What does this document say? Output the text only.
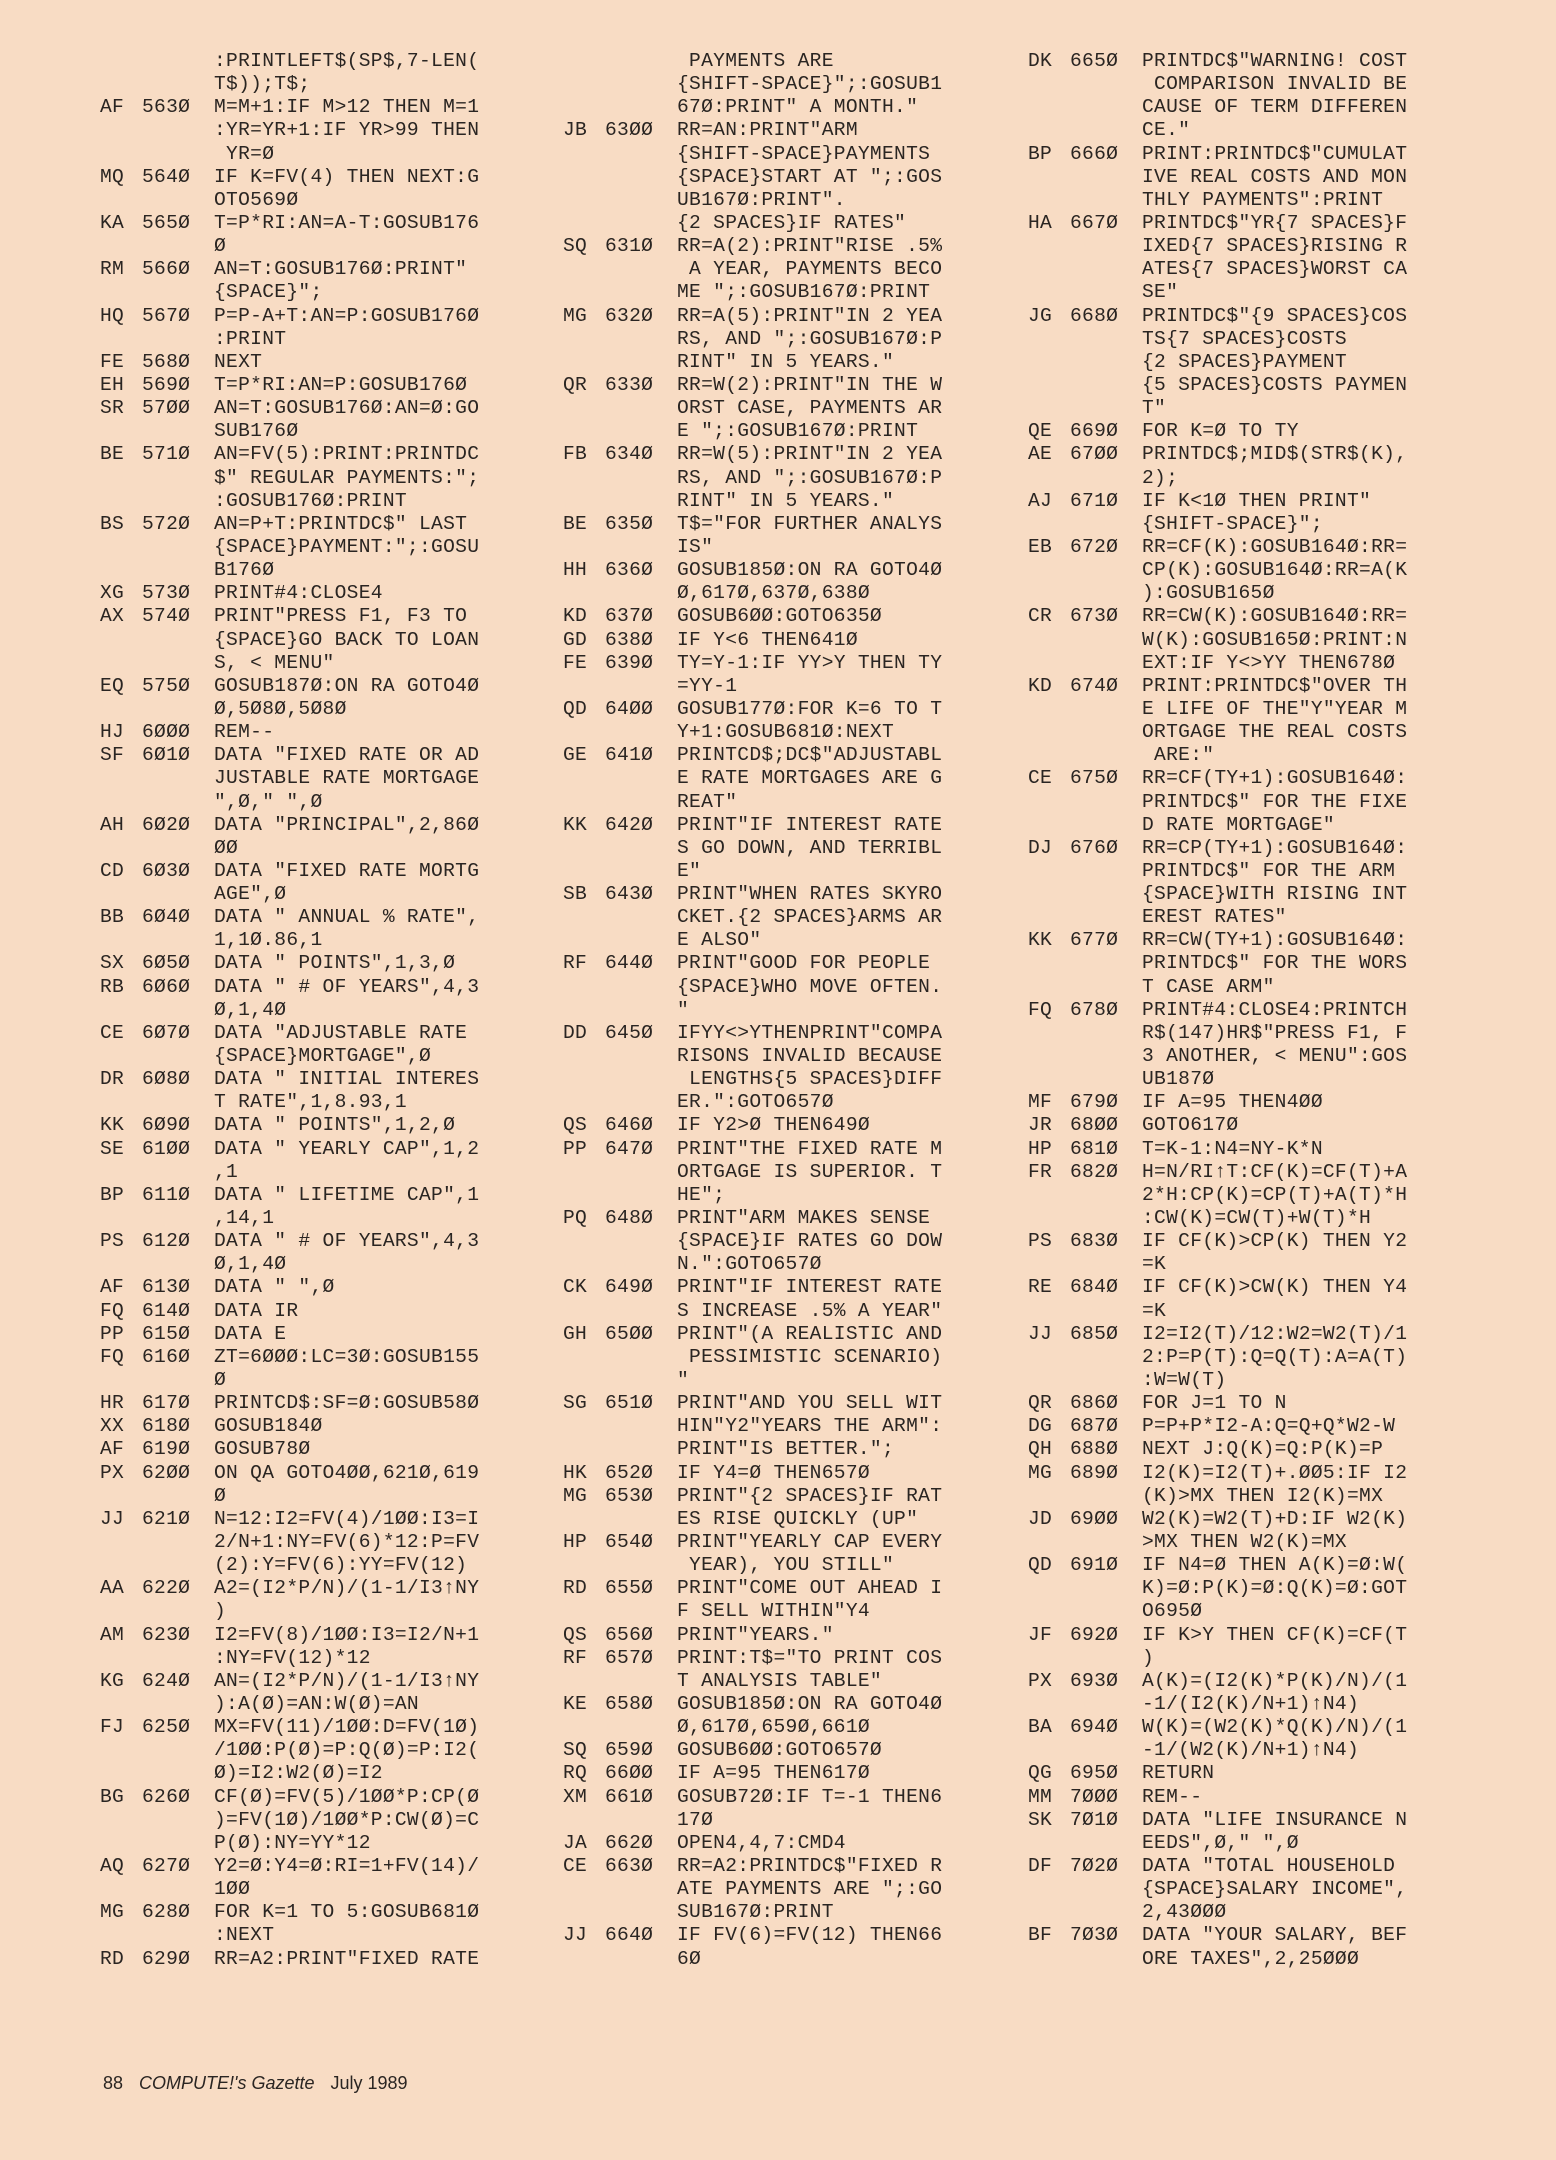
:PRINTLEFT$(SP$,7-LEN(
T$));T$;
AF 563Ø	M=M+1:IF M>12 THEN M=1
:YR=YR+1:IF YR>99 THEN
YR=Ø
MQ 564Ø	IF K=FV(4) THEN NEXT:G
OTO569Ø
KA 565Ø	T=P*RI:AN=A-T:GOSUB176
Ø
RM 566Ø	AN=T:GOSUB176Ø:PRINT"
{SPACE}";
HQ 567Ø	P=P-A+T:AN=P:GOSUB176Ø
:PRINT
FE 568Ø	NEXT
EH 569Ø	T=P*RI:AN=P:GOSUB176Ø
SR 57ØØ	AN=T:GOSUB176Ø:AN=Ø:GO
SUB176Ø
BE 571Ø	AN=FV(5):PRINT:PRINTDC
$" REGULAR PAYMENTS:";
:GOSUB176Ø:PRINT
BS 572Ø	AN=P+T:PRINTDC$" LAST
{SPACE}PAYMENT:";:GOSU
B176Ø
XG 573Ø	PRINT#4:CLOSE4
AX 574Ø	PRINT"PRESS F1, F3 TO
{SPACE}GO BACK TO LOAN
S, < MENU"
EQ 575Ø	GOSUB187Ø:ON RA GOTO4Ø
Ø,5Ø8Ø,5Ø8Ø
HJ 6ØØØ	REM--
SF 6Ø1Ø	DATA "FIXED RATE OR AD
JUSTABLE RATE MORTGAGE
",Ø," ",Ø
AH 6Ø2Ø	DATA "PRINCIPAL",2,86Ø
ØØ
CD 6Ø3Ø	DATA "FIXED RATE MORTG
AGE",Ø
BB 6Ø4Ø	DATA " ANNUAL % RATE",
1,1Ø.86,1
SX 6Ø5Ø	DATA " POINTS",1,3,Ø
RB 6Ø6Ø	DATA " # OF YEARS",4,3
Ø,1,4Ø
CE 6Ø7Ø	DATA "ADJUSTABLE RATE
{SPACE}MORTGAGE",Ø
DR 6Ø8Ø	DATA " INITIAL INTERES
T RATE",1,8.93,1
KK 6Ø9Ø	DATA " POINTS",1,2,Ø
SE 61ØØ	DATA " YEARLY CAP",1,2
,1
BP 611Ø	DATA " LIFETIME CAP",1
,14,1
PS 612Ø	DATA " # OF YEARS",4,3
Ø,1,4Ø
AF 613Ø	DATA " ",Ø
FQ 614Ø	DATA IR
PP 615Ø	DATA E
FQ 616Ø	ZT=6ØØØ:LC=3Ø:GOSUB155
Ø
HR 617Ø	PRINTCD$:SF=Ø:GOSUB58Ø
XX 618Ø	GOSUB184Ø
AF 619Ø	GOSUB78Ø
PX 62ØØ	ON QA GOTO4ØØ,621Ø,619
Ø
JJ 621Ø	N=12:I2=FV(4)/1ØØ:I3=I
2/N+1:NY=FV(6)*12:P=FV
(2):Y=FV(6):YY=FV(12)
AA 622Ø	A2=(I2*P/N)/(1-1/I3↑NY
)
AM 623Ø	I2=FV(8)/1ØØ:I3=I2/N+1
:NY=FV(12)*12
KG 624Ø	AN=(I2*P/N)/(1-1/I3↑NY
):A(Ø)=AN:W(Ø)=AN
FJ 625Ø	MX=FV(11)/1ØØ:D=FV(1Ø)
/1ØØ:P(Ø)=P:Q(Ø)=P:I2(
Ø)=I2:W2(Ø)=I2
BG 626Ø	CF(Ø)=FV(5)/1ØØ*P:CP(Ø
)=FV(1Ø)/1ØØ*P:CW(Ø)=C
P(Ø):NY=YY*12
AQ 627Ø	Y2=Ø:Y4=Ø:RI=1+FV(14)/
1ØØ
MG 628Ø	FOR K=1 TO 5:GOSUB681Ø
:NEXT
RD 629Ø	RR=A2:PRINT"FIXED RATE
PAYMENTS ARE
{SHIFT-SPACE}";:GOSUB1
67Ø:PRINT" A MONTH."
JB 63ØØ	RR=AN:PRINT"ARM
{SHIFT-SPACE}PAYMENTS
{SPACE}START AT ";:GOS
UB167Ø:PRINT".
{2 SPACES}IF RATES"
SQ 631Ø	RR=A(2):PRINT"RISE .5%
A YEAR, PAYMENTS BECO
ME ";:GOSUB167Ø:PRINT
MG 632Ø	RR=A(5):PRINT"IN 2 YEA
RS, AND ";:GOSUB167Ø:P
RINT" IN 5 YEARS."
QR 633Ø	RR=W(2):PRINT"IN THE W
ORST CASE, PAYMENTS AR
E ";:GOSUB167Ø:PRINT
FB 634Ø	RR=W(5):PRINT"IN 2 YEA
RS, AND ";:GOSUB167Ø:P
RINT" IN 5 YEARS."
BE 635Ø	T$="FOR FURTHER ANALYS
IS"
HH 636Ø	GOSUB185Ø:ON RA GOTO4Ø
Ø,617Ø,637Ø,638Ø
KD 637Ø	GOSUB6ØØ:GOTO635Ø
GD 638Ø	IF Y<6 THEN641Ø
FE 639Ø	TY=Y-1:IF YY>Y THEN TY
=YY-1
QD 64ØØ	GOSUB177Ø:FOR K=6 TO T
Y+1:GOSUB681Ø:NEXT
GE 641Ø	PRINTCD$;DC$"ADJUSTABL
E RATE MORTGAGES ARE G
REAT"
KK 642Ø	PRINT"IF INTEREST RATE
S GO DOWN, AND TERRIBL
E"
SB 643Ø	PRINT"WHEN RATES SKYRO
CKET.{2 SPACES}ARMS AR
E ALSO"
RF 644Ø	PRINT"GOOD FOR PEOPLE
{SPACE}WHO MOVE OFTEN.
"
DD 645Ø	IFYY<>YTHENPRINT"COMPA
RISONS INVALID BECAUSE
LENGTHS{5 SPACES}DIFF
ER.":GOTO657Ø
QS 646Ø	IF Y2>Ø THEN649Ø
PP 647Ø	PRINT"THE FIXED RATE M
ORTGAGE IS SUPERIOR. T
HE";
PQ 648Ø	PRINT"ARM MAKES SENSE
{SPACE}IF RATES GO DOW
N.":GOTO657Ø
CK 649Ø	PRINT"IF INTEREST RATE
S INCREASE .5% A YEAR"
GH 65ØØ	PRINT"(A REALISTIC AND
PESSIMISTIC SCENARIO)
"
SG 651Ø	PRINT"AND YOU SELL WIT
HIN"Y2"YEARS THE ARM":
PRINT"IS BETTER.";
HK 652Ø	IF Y4=Ø THEN657Ø
MG 653Ø	PRINT"{2 SPACES}IF RAT
ES RISE QUICKLY (UP"
HP 654Ø	PRINT"YEARLY CAP EVERY
YEAR), YOU STILL"
RD 655Ø	PRINT"COME OUT AHEAD I
F SELL WITHIN"Y4
QS 656Ø	PRINT"YEARS."
RF 657Ø	PRINT:T$="TO PRINT COS
T ANALYSIS TABLE"
KE 658Ø	GOSUB185Ø:ON RA GOTO4Ø
Ø,617Ø,659Ø,661Ø
SQ 659Ø	GOSUB6ØØ:GOTO657Ø
RQ 66ØØ	IF A=95 THEN617Ø
XM 661Ø	GOSUB72Ø:IF T=-1 THEN6
17Ø
JA 662Ø	OPEN4,4,7:CMD4
CE 663Ø	RR=A2:PRINTDC$"FIXED R
ATE PAYMENTS ARE ";:GO
SUB167Ø:PRINT
JJ 664Ø	IF FV(6)=FV(12) THEN66
6Ø
DK 665Ø	PRINTDC$"WARNING! COST
COMPARISON INVALID BE
CAUSE OF TERM DIFFEREN
CE."
BP 666Ø	PRINT:PRINTDC$"CUMULAT
IVE REAL COSTS AND MON
THLY PAYMENTS":PRINT
HA 667Ø	PRINTDC$"YR{7 SPACES}F
IXED{7 SPACES}RISING R
ATES{7 SPACES}WORST CA
SE"
JG 668Ø	PRINTDC$"{9 SPACES}COS
TS{7 SPACES}COSTS
{2 SPACES}PAYMENT
{5 SPACES}COSTS PAYMEN
T"
QE 669Ø	FOR K=Ø TO TY
AE 67ØØ	PRINTDC$;MID$(STR$(K),
2);
AJ 671Ø	IF K<1Ø THEN PRINT"
{SHIFT-SPACE}";
EB 672Ø	RR=CF(K):GOSUB164Ø:RR=
CP(K):GOSUB164Ø:RR=A(K
):GOSUB165Ø
CR 673Ø	RR=CW(K):GOSUB164Ø:RR=
W(K):GOSUB165Ø:PRINT:N
EXT:IF Y<>YY THEN678Ø
KD 674Ø	PRINT:PRINTDC$"OVER TH
E LIFE OF THE"Y"YEAR M
ORTGAGE THE REAL COSTS
ARE:"
CE 675Ø	RR=CF(TY+1):GOSUB164Ø:
PRINTDC$" FOR THE FIXE
D RATE MORTGAGE"
DJ 676Ø	RR=CP(TY+1):GOSUB164Ø:
PRINTDC$" FOR THE ARM
{SPACE}WITH RISING INT
EREST RATES"
KK 677Ø	RR=CW(TY+1):GOSUB164Ø:
PRINTDC$" FOR THE WORS
T CASE ARM"
FQ 678Ø	PRINT#4:CLOSE4:PRINTCH
R$(147)HR$"PRESS F1, F
3 ANOTHER, < MENU":GOS
UB187Ø
MF 679Ø	IF A=95 THEN4ØØ
JR 68ØØ	GOTO617Ø
HP 681Ø	T=K-1:N4=NY-K*N
FR 682Ø	H=N/RI↑T:CF(K)=CF(T)+A
2*H:CP(K)=CP(T)+A(T)*H
:CW(K)=CW(T)+W(T)*H
PS 683Ø	IF CF(K)>CP(K) THEN Y2
=K
RE 684Ø	IF CF(K)>CW(K) THEN Y4
=K
JJ 685Ø	I2=I2(T)/12:W2=W2(T)/1
2:P=P(T):Q=Q(T):A=A(T)
:W=W(T)
QR 686Ø	FOR J=1 TO N
DG 687Ø	P=P+P*I2-A:Q=Q+Q*W2-W
QH 688Ø	NEXT J:Q(K)=Q:P(K)=P
MG 689Ø	I2(K)=I2(T)+.ØØ5:IF I2
(K)>MX THEN I2(K)=MX
JD 69ØØ	W2(K)=W2(T)+D:IF W2(K)
>MX THEN W2(K)=MX
QD 691Ø	IF N4=Ø THEN A(K)=Ø:W(
K)=Ø:P(K)=Ø:Q(K)=Ø:GOT
O695Ø
JF 692Ø	IF K>Y THEN CF(K)=CF(T
)
PX 693Ø	A(K)=(I2(K)*P(K)/N)/(1
-1/(I2(K)/N+1)↑N4)
BA 694Ø	W(K)=(W2(K)*Q(K)/N)/(1
-1/(W2(K)/N+1)↑N4)
QG 695Ø	RETURN
MM 7ØØØ	REM--
SK 7Ø1Ø	DATA "LIFE INSURANCE N
EEDS",Ø," ",Ø
DF 7Ø2Ø	DATA "TOTAL HOUSEHOLD
{SPACE}SALARY INCOME",
2,43ØØØ
BF 7Ø3Ø	DATA "YOUR SALARY, BEF
ORE TAXES",2,25ØØØ
88 COMPUTE!'s Gazette July 1989
